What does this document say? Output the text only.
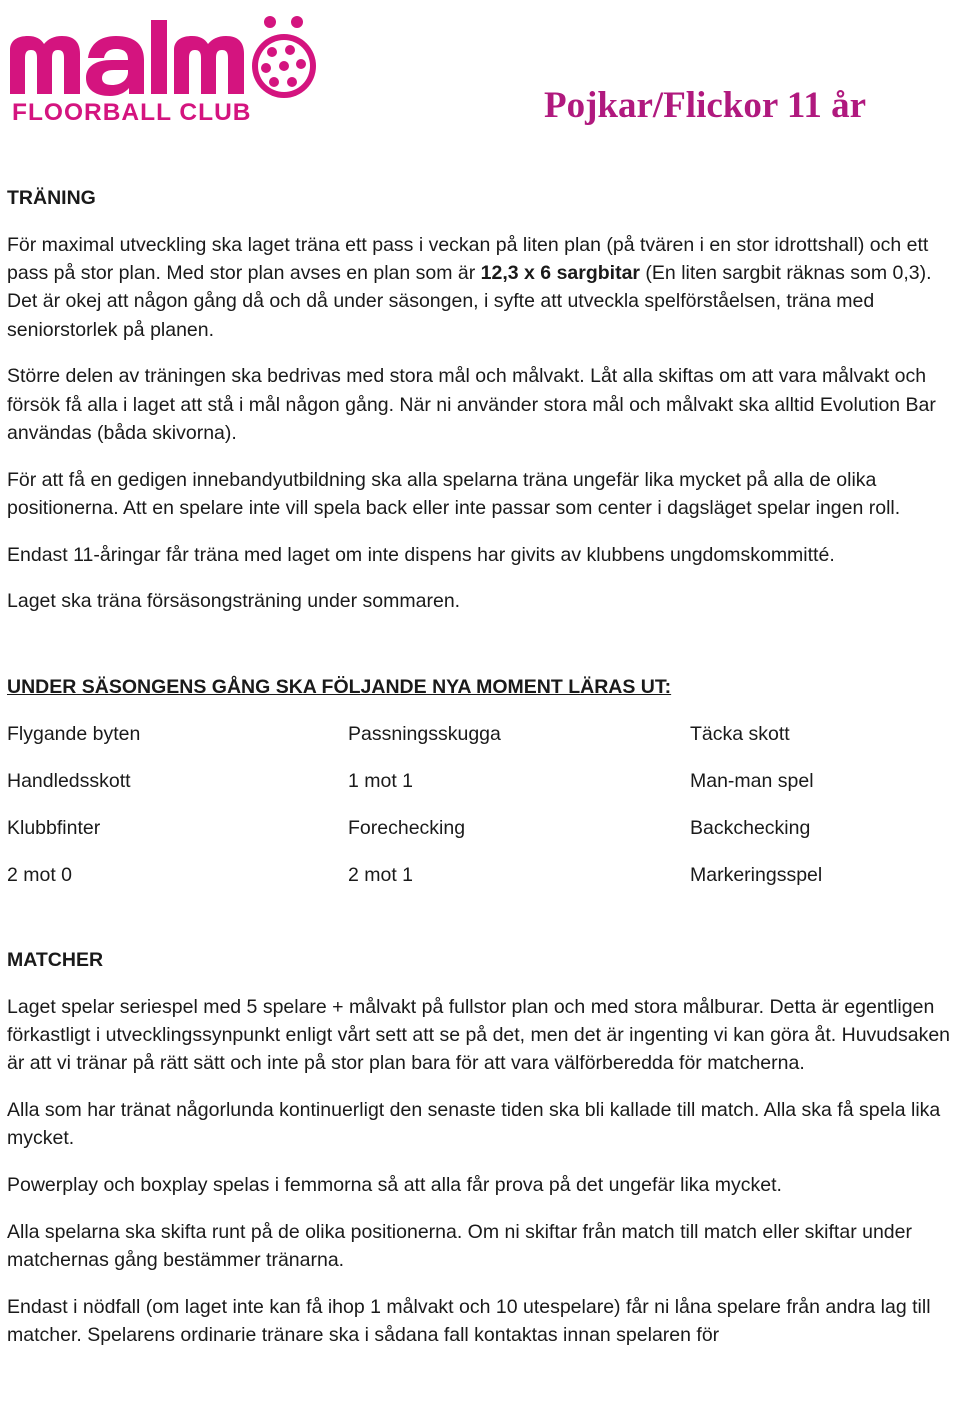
FLOORBALL CLUB	Pojkar/Flickor 11 år
TRÄNING

För maximal utveckling ska laget träna ett pass i veckan på liten plan (på tvären i en stor idrottshall) och ett pass på stor plan. Med stor plan avses en plan som är 12,3 x 6 sargbitar (En liten sargbit räknas som 0,3). Det är okej att någon gång då och då under säsongen, i syfte att utveckla spelförståelsen, träna med seniorstorlek på planen.

Större delen av träningen ska bedrivas med stora mål och målvakt. Låt alla skiftas om att vara målvakt och försök få alla i laget att stå i mål någon gång. När ni använder stora mål och målvakt ska alltid Evolution Bar användas (båda skivorna).

För att få en gedigen innebandyutbildning ska alla spelarna träna ungefär lika mycket på alla de olika positionerna. Att en spelare inte vill spela back eller inte passar som center i dagsläget spelar ingen roll.

Endast 11-åringar får träna med laget om inte dispens har givits av klubbens ungdomskommitté.

Laget ska träna försäsongsträning under sommaren.

UNDER SÄSONGENS GÅNG SKA FÖLJANDE NYA MOMENT LÄRAS UT:
Flygande byten	Passningsskugga	Täcka skott
Handledsskott	1 mot 1	Man-man spel
Klubbfinter	Forechecking	Backchecking
2 mot 0	2 mot 1	Markeringsspel
MATCHER

Laget spelar seriespel med 5 spelare + målvakt på fullstor plan och med stora målburar. Detta är egentligen förkastligt i utvecklingssynpunkt enligt vårt sett att se på det, men det är ingenting vi kan göra åt. Huvudsaken är att vi tränar på rätt sätt och inte på stor plan bara för att vara välförberedda för matcherna.

Alla som har tränat någorlunda kontinuerligt den senaste tiden ska bli kallade till match. Alla ska få spela lika mycket.

Powerplay och boxplay spelas i femmorna så att alla får prova på det ungefär lika mycket.

Alla spelarna ska skifta runt på de olika positionerna. Om ni skiftar från match till match eller skiftar under matchernas gång bestämmer tränarna.

Endast i nödfall (om laget inte kan få ihop 1 målvakt och 10 utespelare) får ni låna spelare från andra lag till matcher. Spelarens ordinarie tränare ska i sådana fall kontaktas innan spelaren för
